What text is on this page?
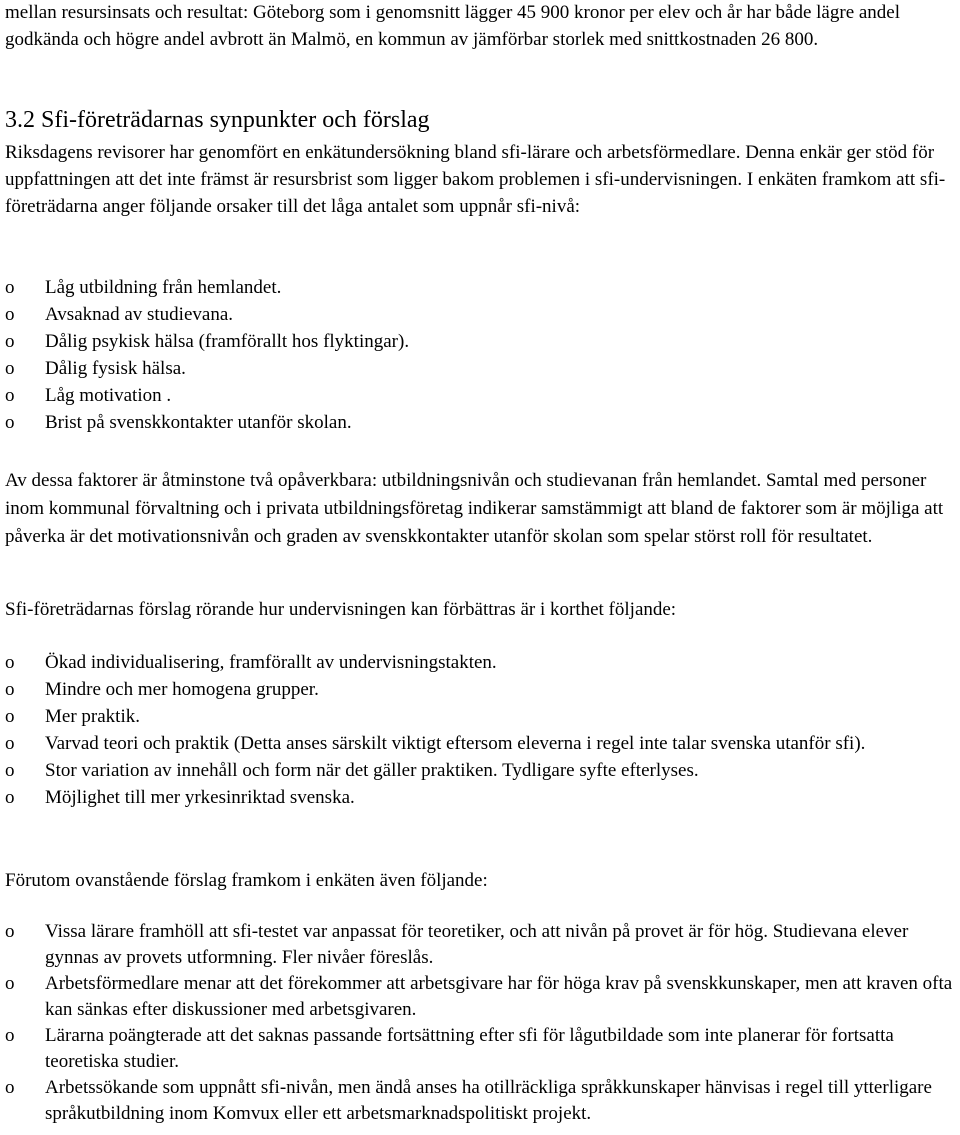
mellan resursinsats och resultat: Göteborg som i genomsnitt lägger 45 900 kronor per elev och år har både lägre andel godkända och högre andel avbrott än Malmö, en kommun av jämförbar storlek med snittkostnaden 26 800.

3.2 Sfi-företrädarnas synpunkter och förslag

Riksdagens revisorer har genomfört en enkätundersökning bland sfi-lärare och arbetsförmedlare. Denna enkär ger stöd för uppfattningen att det inte främst är resursbrist som ligger bakom problemen i sfi-undervisningen. I enkäten framkom att sfi-företrädarna anger följande orsaker till det låga antalet som uppnår sfi-nivå:

o Låg utbildning från hemlandet.
o Avsaknad av studievana.
o Dålig psykisk hälsa (framförallt hos flyktingar).
o Dålig fysisk hälsa.
o Låg motivation .
o Brist på svenskkontakter utanför skolan.

Av dessa faktorer är åtminstone två opåverkbara: utbildningsnivån och studievanan från hemlandet. Samtal med personer inom kommunal förvaltning och i privata utbildningsföretag indikerar samstämmigt att bland de faktorer som är möjliga att påverka är det motivationsnivån och graden av svenskkontakter utanför skolan som spelar störst roll för resultatet.

Sfi-företrädarnas förslag rörande hur undervisningen kan förbättras är i korthet följande:

o Ökad individualisering, framförallt av undervisningstakten.
o Mindre och mer homogena grupper.
o Mer praktik.
o Varvad teori och praktik (Detta anses särskilt viktigt eftersom eleverna i regel inte talar svenska utanför sfi).
o Stor variation av innehåll och form när det gäller praktiken. Tydligare syfte efterlyses.
o Möjlighet till mer yrkesinriktad svenska.

Förutom ovanstående förslag framkom i enkäten även följande:

o Vissa lärare framhöll att sfi-testet var anpassat för teoretiker, och att nivån på provet är för hög. Studievana elever gynnas av provets utformning. Fler nivåer föreslås.
o Arbetsförmedlare menar att det förekommer att arbetsgivare har för höga krav på svenskkunskaper, men att kraven ofta kan sänkas efter diskussioner med arbetsgivaren.
o Lärarna poängterade att det saknas passande fortsättning efter sfi för lågutbildade som inte planerar för fortsatta teoretiska studier.
o Arbetssökande som uppnått sfi-nivån, men ändå anses ha otillräckliga språkkunskaper hänvisas i regel till ytterligare språkutbildning inom Komvux eller ett arbetsmarknadspolitiskt projekt.
